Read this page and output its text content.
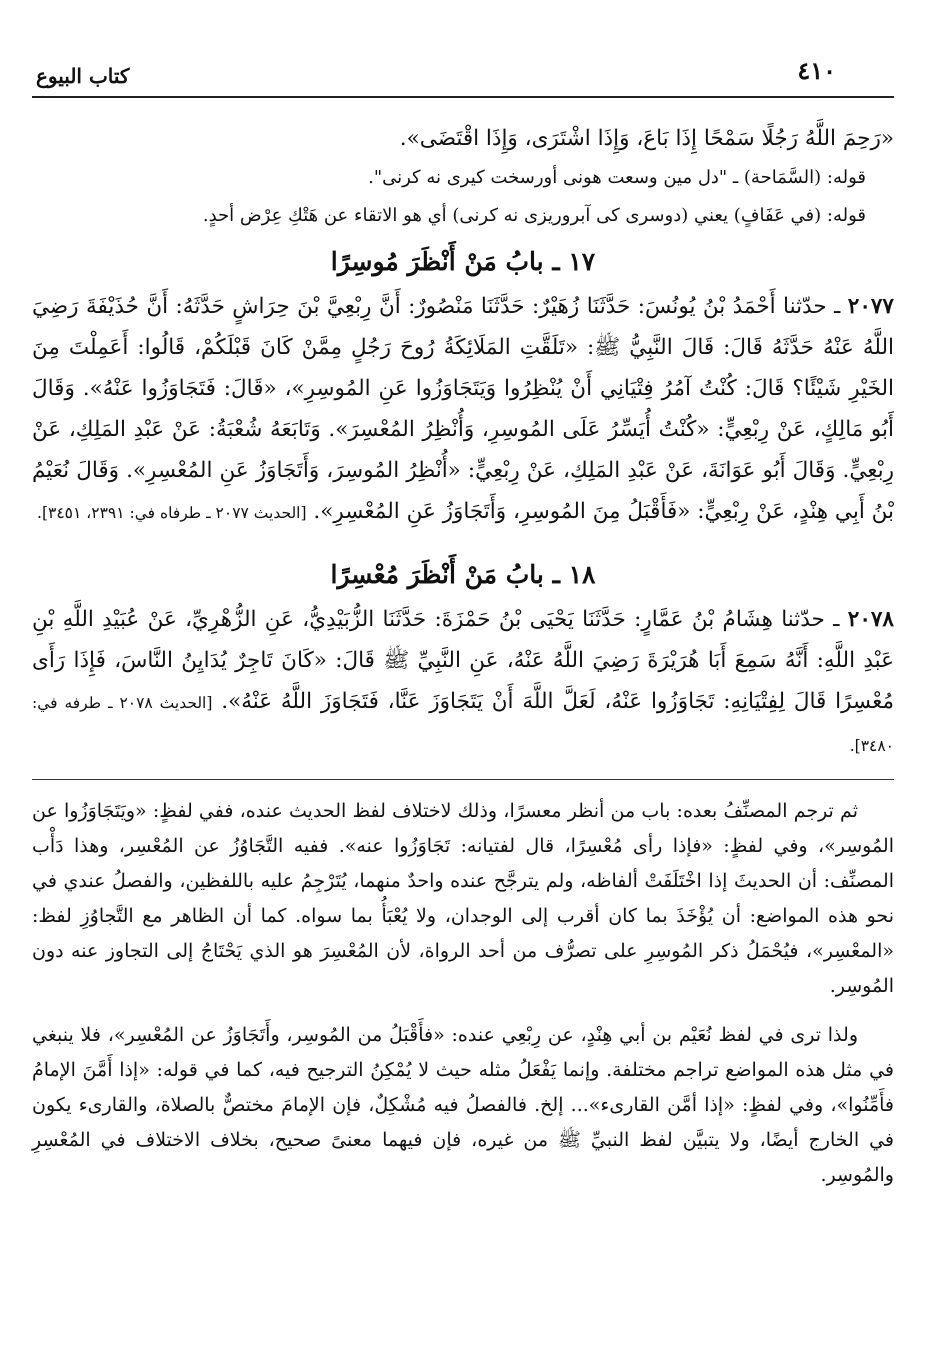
٤١٠
كتاب البيوع

«رَحِمَ اللَّهُ رَجُلًا سَمْحًا إِذَا بَاعَ، وَإِذَا اشْتَرَى، وَإِذَا اقْتَضَى».

قوله: (السَّمَاحة) ـ "دل مين وسعت هونى أورسخت كيرى نه كرنى".

قوله: (في عَفَافٍ) يعني (دوسرى كى آبروريزى نه كرنى) أي هو الاتقاء عن هَتْكِ عِرْض أحدٍ.

١٧ ـ بابُ مَنْ أَنْظَرَ مُوسِرًا

٢٠٧٧ ـ حدّثنا أَحْمَدُ بْنُ يُونُسَ: حَدَّثَنَا زُهَيْرٌ: حَدَّثَنَا مَنْصُورٌ: أَنَّ رِبْعِيَّ بْنَ حِرَاشٍ حَدَّثَهُ: أَنَّ حُذَيْفَةَ رَضِيَ اللَّهُ عَنْهُ حَدَّثَهُ قَالَ: قَالَ النَّبِيُّ ﷺ: «تَلَقَّتِ المَلَائِكَةُ رُوحَ رَجُلٍ مِمَّنْ كَانَ قَبْلَكُمْ، قَالُوا: أَعَمِلْتَ مِنَ الخَيْرِ شَيْئًا؟ قَالَ: كُنْتُ آمُرُ فِتْيَانِي أَنْ يُنْظِرُوا وَيَتَجَاوَزُوا عَنِ المُوسِرِ»، «قَالَ: فَتَجَاوَزُوا عَنْهُ». وَقَالَ أَبُو مَالِكٍ، عَنْ رِبْعِيٍّ: «كُنْتُ أُيَسِّرُ عَلَى المُوسِرِ، وَأُنْظِرُ المُعْسِرَ». وَتَابَعَهُ شُعْبَةُ: عَنْ عَبْدِ المَلِكِ، عَنْ رِبْعِيٍّ. وَقَالَ أَبُو عَوَانَةَ، عَنْ عَبْدِ المَلِكِ، عَنْ رِبْعِيٍّ: «أُنْظِرُ المُوسِرَ، وَأَتَجَاوَزُ عَنِ المُعْسِرِ». وَقَالَ نُعَيْمُ بْنُ أَبِي هِنْدٍ، عَنْ رِبْعِيٍّ: «فَأَقْبَلُ مِنَ المُوسِرِ، وَأَتَجَاوَزُ عَنِ المُعْسِرِ». [الحديث ٢٠٧٧ ـ طرفاه في: ٢٣٩١، ٣٤٥١].

١٨ ـ بابُ مَنْ أَنْظَرَ مُعْسِرًا

٢٠٧٨ ـ حدّثنا هِشَامُ بْنُ عَمَّارٍ: حَدَّثَنَا يَحْيَى بْنُ حَمْزَةَ: حَدَّثَنَا الزُّبَيْدِيُّ، عَنِ الزُّهْرِيِّ، عَنْ عُبَيْدِ اللَّهِ بْنِ عَبْدِ اللَّهِ: أَنَّهُ سَمِعَ أَبَا هُرَيْرَةَ رَضِيَ اللَّهُ عَنْهُ، عَنِ النَّبِيِّ ﷺ قَالَ: «كَانَ تَاجِرٌ يُدَايِنُ النَّاسَ، فَإِذَا رَأَى مُعْسِرًا قَالَ لِفِتْيَانِهِ: تَجَاوَزُوا عَنْهُ، لَعَلَّ اللَّهَ أَنْ يَتَجَاوَزَ عَنَّا، فَتَجَاوَزَ اللَّهُ عَنْهُ». [الحديث ٢٠٧٨ ـ طرفه في: ٣٤٨٠].

ثم ترجم المصنِّفُ بعده: باب من أنظر معسرًا، وذلك لاختلاف لفظ الحديث عنده، ففي لفظٍ: «ويَتَجَاوَزُوا عن المُوسِر»، وفي لفظٍ: «فإذا رأى مُعْسِرًا، قال لفتيانه: تَجَاوَزُوا عنه». ففيه التَّجَاوُزُ عن المُعْسِر، وهذا دَأْب المصنِّف: أن الحديثَ إذا اخْتَلَفَتْ ألفاظه، ولم يترجَّح عنده واحدٌ منهما، يُتَرْجِمُ عليه باللفظين، والفصلُ عندي في نحو هذه المواضع: أن يُؤْخَذَ بما كان أقرب إلى الوجدان، ولا يُعْبَأُ بما سواه. كما أن الظاهر مع التَّجاوُزِ لفظ: «المعْسِر»، فيُحْمَلُ ذكر المُوسِرِ على تصرُّف من أحد الرواة، لأن المُعْسِرَ هو الذي يَحْتَاجُ إلى التجاوز عنه دون المُوسِر.

ولذا ترى في لفظ نُعَيْم بن أبي هِنْدٍ، عن رِبْعِي عنده: «فأَقْبَلُ من المُوسِر، وأَتَجَاوَزُ عن المُعْسِر»، فلا ينبغي في مثل هذه المواضع تراجم مختلفة. وإنما يَفْعَلُ مثله حيث لا يُمْكِنُ الترجيح فيه، كما في قوله: «إذا أَمَّنَ الإمامُ فأَمِّنُوا»، وفي لفظٍ: «إذا أمَّن القارىء»... إلخ. فالفصلُ فيه مُشْكِلٌ، فإن الإمامَ مختصٌّ بالصلاة، والقارىء يكون في الخارج أيضًا، ولا يتبيَّن لفظ النبيِّ ﷺ من غيره، فإن فيهما معنىً صحيح، بخلاف الاختلاف في المُعْسِرِ والمُوسِر.
